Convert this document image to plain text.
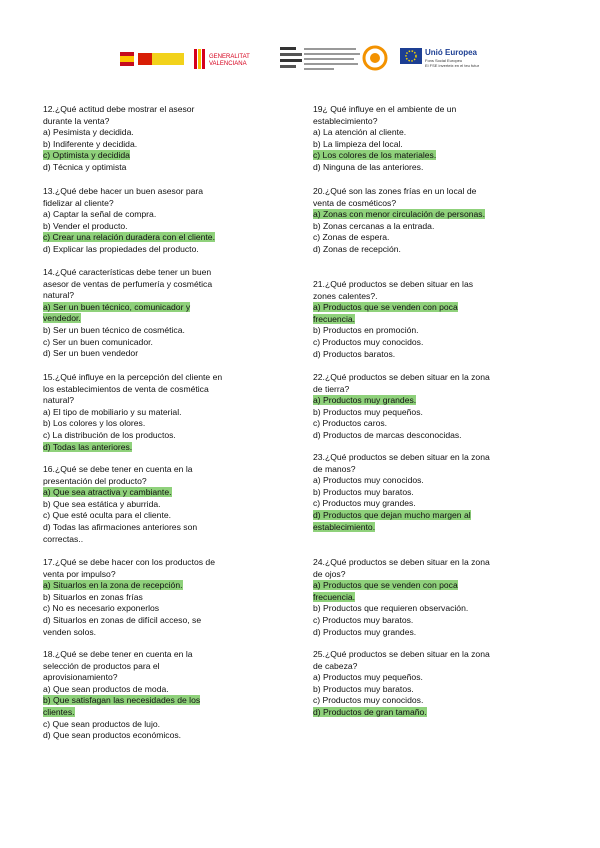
GENERALITAT
VALENCIANA
Unió Europea
Fons Social Europeu
El FSE inverteix en el teu futur
12.¿Qué actitud debe mostrar el asesor
durante la venta?
a) Pesimista y decidida.
b) Indiferente y decidida.
c) Optimista y decidida
d) Técnica y optimista
13.¿Qué debe hacer un buen asesor para
fidelizar al cliente?
a) Captar la señal de compra.
b) Vender el producto.
c) Crear una relación duradera con el cliente.
d) Explicar las propiedades del producto.
14.¿Qué características debe tener un buen
asesor de ventas de perfumería y cosmética
natural?
a) Ser un buen técnico, comunicador y
vendedor.
b) Ser un buen técnico de cosmética.
c) Ser un buen comunicador.
d) Ser un buen vendedor
15.¿Qué influye en la percepción del cliente en
los establecimientos de venta de cosmética
natural?
a) El tipo de mobiliario y su material.
b) Los colores y los olores.
c) La distribución de los productos.
d) Todas las anteriores.
16.¿Qué se debe tener en cuenta en la
presentación del producto?
a) Que sea atractiva y cambiante.
b) Que sea estática y aburrida.
c) Que esté oculta para el cliente.
d) Todas las afirmaciones anteriores son
correctas..
17.¿Qué se debe hacer con los productos de
venta por impulso?
a) Situarlos en la zona de recepción.
b) Situarlos en zonas frías
c) No es necesario exponerlos
d) Situarlos en zonas de difícil acceso, se
venden solos.
18.¿Qué se debe tener en cuenta en la
selección de productos para el
aprovisionamiento?
a) Que sean productos de moda.
b) Que satisfagan las necesidades de los
clientes.
c) Que sean productos de lujo.
d) Que sean productos económicos.
19¿ Qué influye en el ambiente de un
establecimiento?
a) La atención al cliente.
b) La limpieza del local.
c) Los colores de los materiales.
d) Ninguna de las anteriores.
20.¿Qué son las zones frías en un local de
venta de cosméticos?
a) Zonas con menor circulación de personas.
b) Zonas cercanas a la entrada.
c) Zonas de espera.
d) Zonas de recepción.
21.¿Qué productos se deben situar en las
zones calentes?.
a) Productos que se venden con poca
frecuencia.
b) Productos en promoción.
c) Productos muy conocidos.
d) Productos baratos.
22.¿Qué productos se deben situar en la zona
de tierra?
a) Productos muy grandes.
b) Productos muy pequeños.
c) Productos caros.
d) Productos de marcas desconocidas.
23.¿Qué productos se deben situar en la zona
de manos?
a) Productos muy conocidos.
b) Productos muy baratos.
c) Productos muy grandes.
d) Productos que dejan mucho margen al
establecimiento.
24.¿Qué productos se deben situar en la zona
de ojos?
a) Productos que se venden con poca
frecuencia.
b) Productos que requieren observación.
c) Productos muy baratos.
d) Productos muy grandes.
25.¿Qué productos se deben situar en la zona
de cabeza?
a) Productos muy pequeños.
b) Productos muy baratos.
c) Productos muy conocidos.
d) Productos de gran tamaño.
